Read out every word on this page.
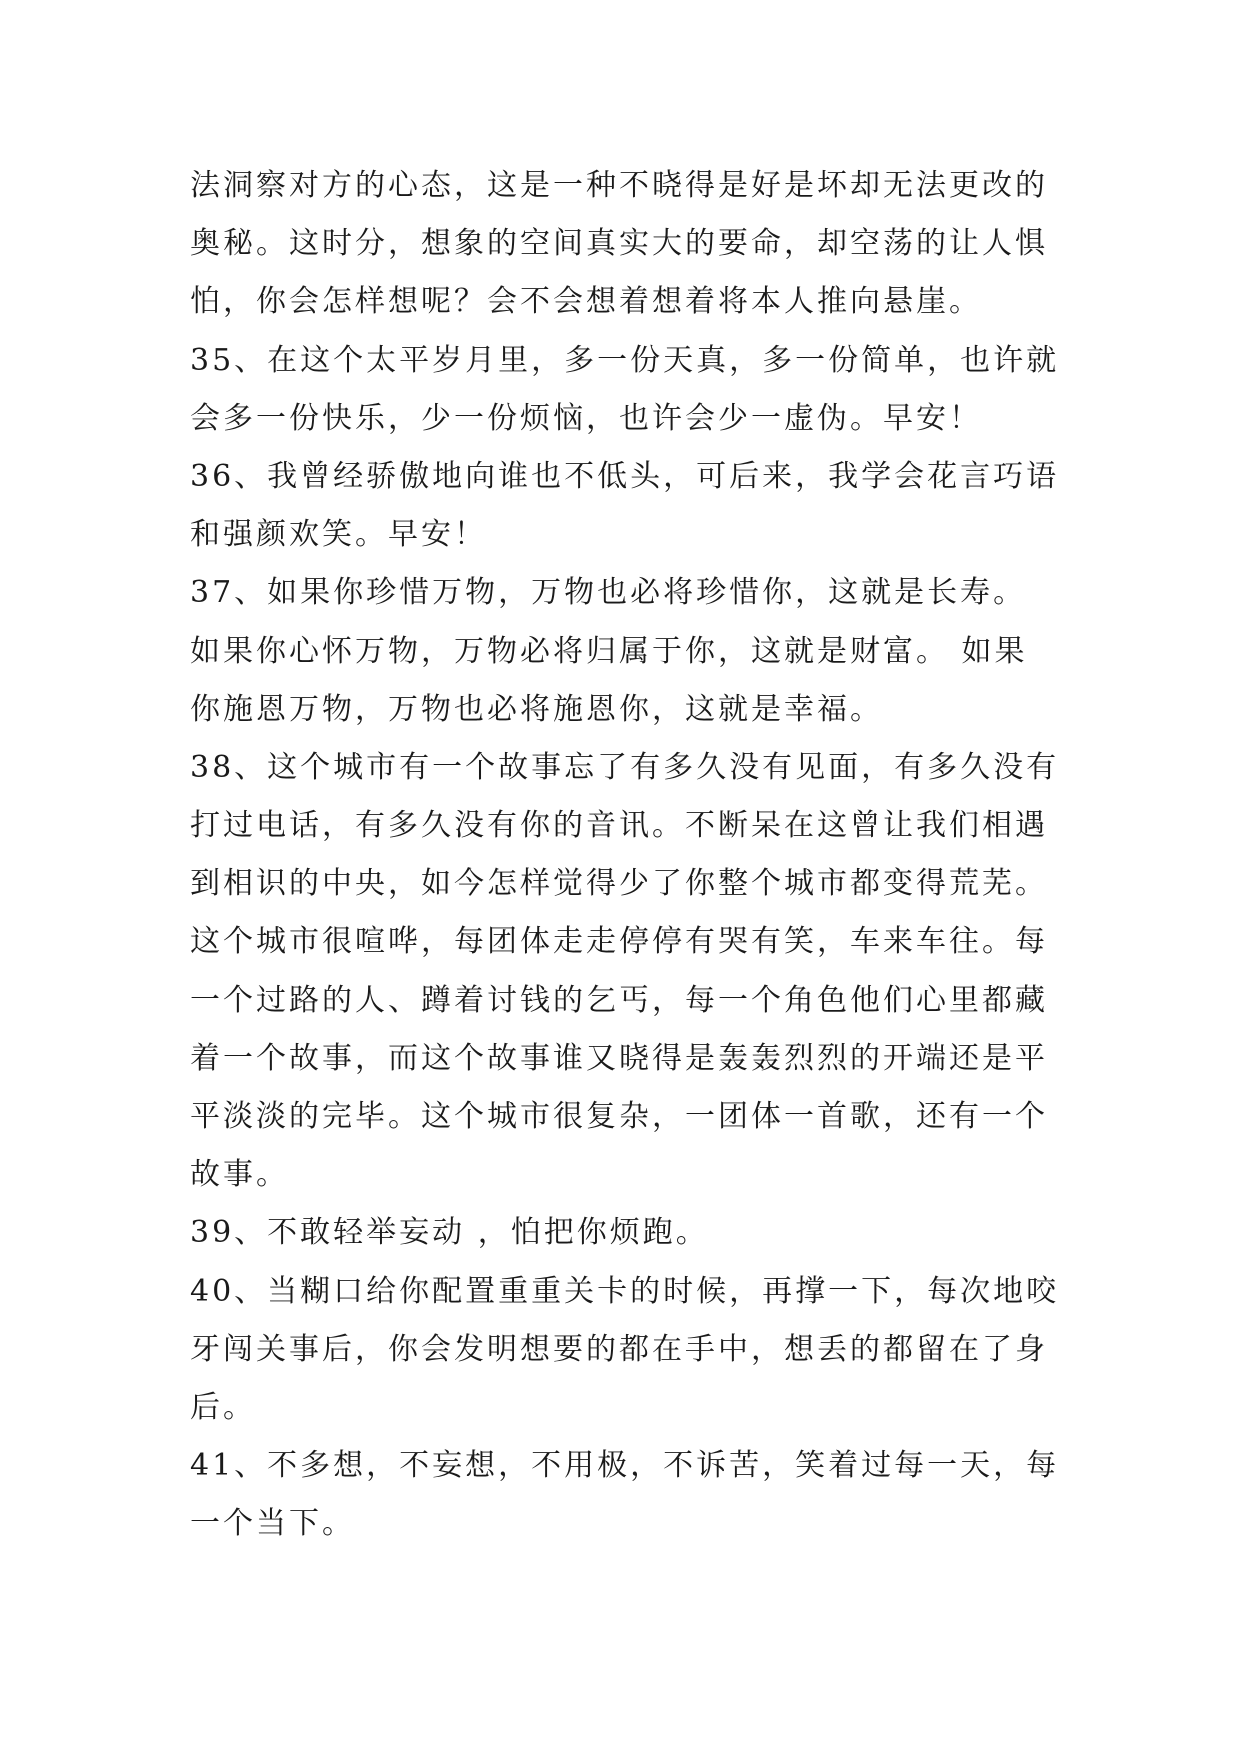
法洞察对方的心态，这是一种不晓得是好是坏却无法更改的
奥秘。这时分，想象的空间真实大的要命，却空荡的让人惧
怕，你会怎样想呢？会不会想着想着将本人推向悬崖。
35、在这个太平岁月里，多一份天真，多一份简单，也许就
会多一份快乐，少一份烦恼，也许会少一虚伪。早安！
36、我曾经骄傲地向谁也不低头，可后来，我学会花言巧语
和强颜欢笑。早安！
37、如果你珍惜万物，万物也必将珍惜你，这就是长寿。
如果你心怀万物，万物必将归属于你，这就是财富。 如果
你施恩万物，万物也必将施恩你，这就是幸福。
38、这个城市有一个故事忘了有多久没有见面，有多久没有
打过电话，有多久没有你的音讯。不断呆在这曾让我们相遇
到相识的中央，如今怎样觉得少了你整个城市都变得荒芜。
这个城市很喧哗，每团体走走停停有哭有笑，车来车往。每
一个过路的人、蹲着讨钱的乞丐，每一个角色他们心里都藏
着一个故事，而这个故事谁又晓得是轰轰烈烈的开端还是平
平淡淡的完毕。这个城市很复杂，一团体一首歌，还有一个
故事。
39、不敢轻举妄动 ，怕把你烦跑。
40、当糊口给你配置重重关卡的时候，再撑一下，每次地咬
牙闯关事后，你会发明想要的都在手中，想丢的都留在了身
后。
41、不多想，不妄想，不用极，不诉苦，笑着过每一天，每
一个当下。
